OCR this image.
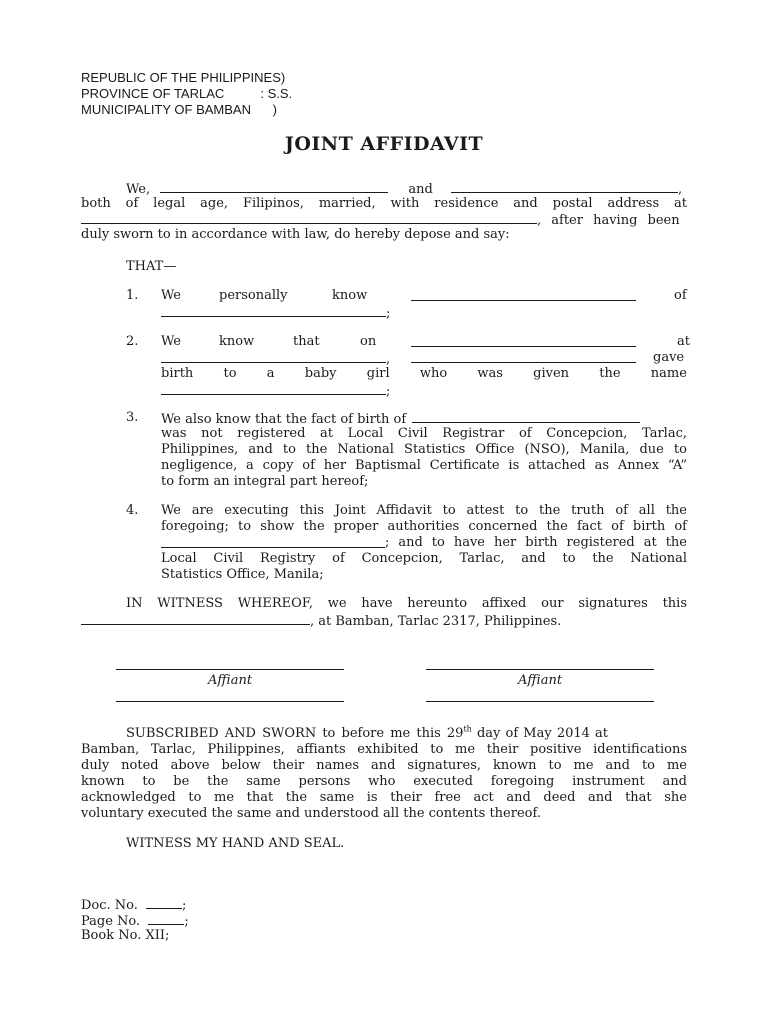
REPUBLIC OF THE PHILIPPINES)
PROVINCE OF TARLAC          : S.S.
MUNICIPALITY OF BAMBAN      )
JOINT AFFIDAVIT
We,	and	,
both of legal age, Filipinos, married, with residence and postal address at
, after having been
duly sworn to in accordance with law, do hereby depose and say:
THAT—
1. We	personally	know	of
;
2. We	know	that	on	at
,	gave
birth to a baby girl who was given the name
;
3. We also know that the fact of birth of
was not registered at Local Civil Registrar of Concepcion, Tarlac,
Philippines, and to the National Statistics Office (NSO), Manila, due to
negligence, a copy of her Baptismal Certificate is attached as Annex “A”
to form an integral part hereof;
4. We are executing this Joint Affidavit to attest to the truth of all the
foregoing; to show the proper authorities concerned the fact of birth of
; and to have her birth registered at the
Local Civil Registry of Concepcion, Tarlac, and to the National
Statistics Office, Manila;
IN WITNESS WHEREOF, we have hereunto affixed our signatures this
, at Bamban, Tarlac 2317, Philippines.
Affiant	Affiant
SUBSCRIBED AND SWORN to before me this 29th day of May 2014 at
Bamban, Tarlac, Philippines, affiants exhibited to me their positive identifications
duly noted above below their names and signatures, known to me and to me
known to be the same persons who executed foregoing instrument and
acknowledged to me that the same is their free act and deed and that she
voluntary executed the same and understood all the contents thereof.
WITNESS MY HAND AND SEAL.
Doc. No.	;
Page No.	;
Book No. XII;
